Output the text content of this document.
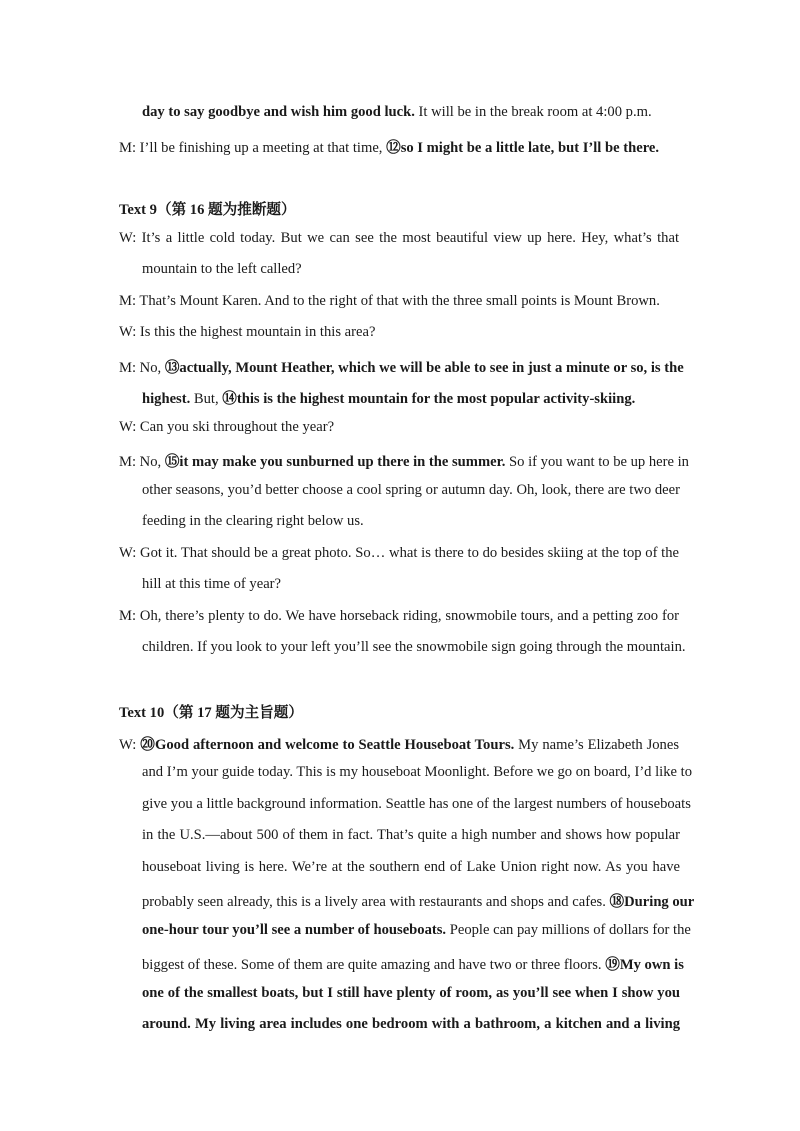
day to say goodbye and wish him good luck. It will be in the break room at 4:00 p.m.
M: I’ll be finishing up a meeting at that time, ⑫so I might be a little late, but I’ll be there.
Text 9（第 16 题为推断题）
W: It’s a little cold today. But we can see the most beautiful view up here. Hey, what’s that
mountain to the left called?
M: That’s Mount Karen. And to the right of that with the three small points is Mount Brown.
W: Is this the highest mountain in this area?
M: No, ⑬actually, Mount Heather, which we will be able to see in just a minute or so, is the
highest. But, ⑭this is the highest mountain for the most popular activity-skiing.
W: Can you ski throughout the year?
M: No, ⑮it may make you sunburned up there in the summer. So if you want to be up here in
other seasons, you’d better choose a cool spring or autumn day. Oh, look, there are two deer
feeding in the clearing right below us.
W: Got it. That should be a great photo. So… what is there to do besides skiing at the top of the
hill at this time of year?
M: Oh, there’s plenty to do. We have horseback riding, snowmobile tours, and a petting zoo for
children. If you look to your left you’ll see the snowmobile sign going through the mountain.
Text 10（第 17 题为主旨题）
W: ⑳Good afternoon and welcome to Seattle Houseboat Tours. My name’s Elizabeth Jones
and I’m your guide today. This is my houseboat Moonlight. Before we go on board, I’d like to
give you a little background information. Seattle has one of the largest numbers of houseboats
in the U.S.—about 500 of them in fact. That’s quite a high number and shows how popular
houseboat living is here. We’re at the southern end of Lake Union right now. As you have
probably seen already, this is a lively area with restaurants and shops and cafes. ⑱During our
one-hour tour you’ll see a number of houseboats. People can pay millions of dollars for the
biggest of these. Some of them are quite amazing and have two or three floors. ⑲My own is
one of the smallest boats, but I still have plenty of room, as you’ll see when I show you
around. My living area includes one bedroom with a bathroom, a kitchen and a living
